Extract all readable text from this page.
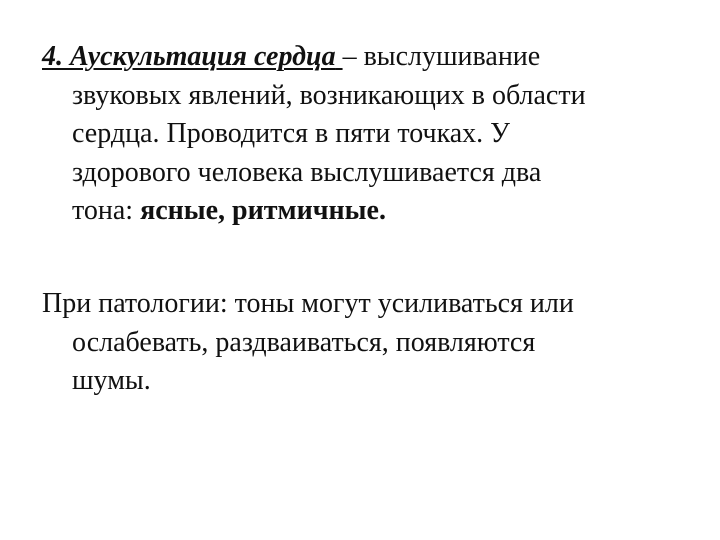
4. Аускультация сердца – выслушивание
звуковых явлений, возникающих в области
сердца. Проводится в пяти точках. У
здорового человека выслушивается два
тона: ясные, ритмичные.
При патологии: тоны могут усиливаться или
ослабевать, раздваиваться, появляются
шумы.
